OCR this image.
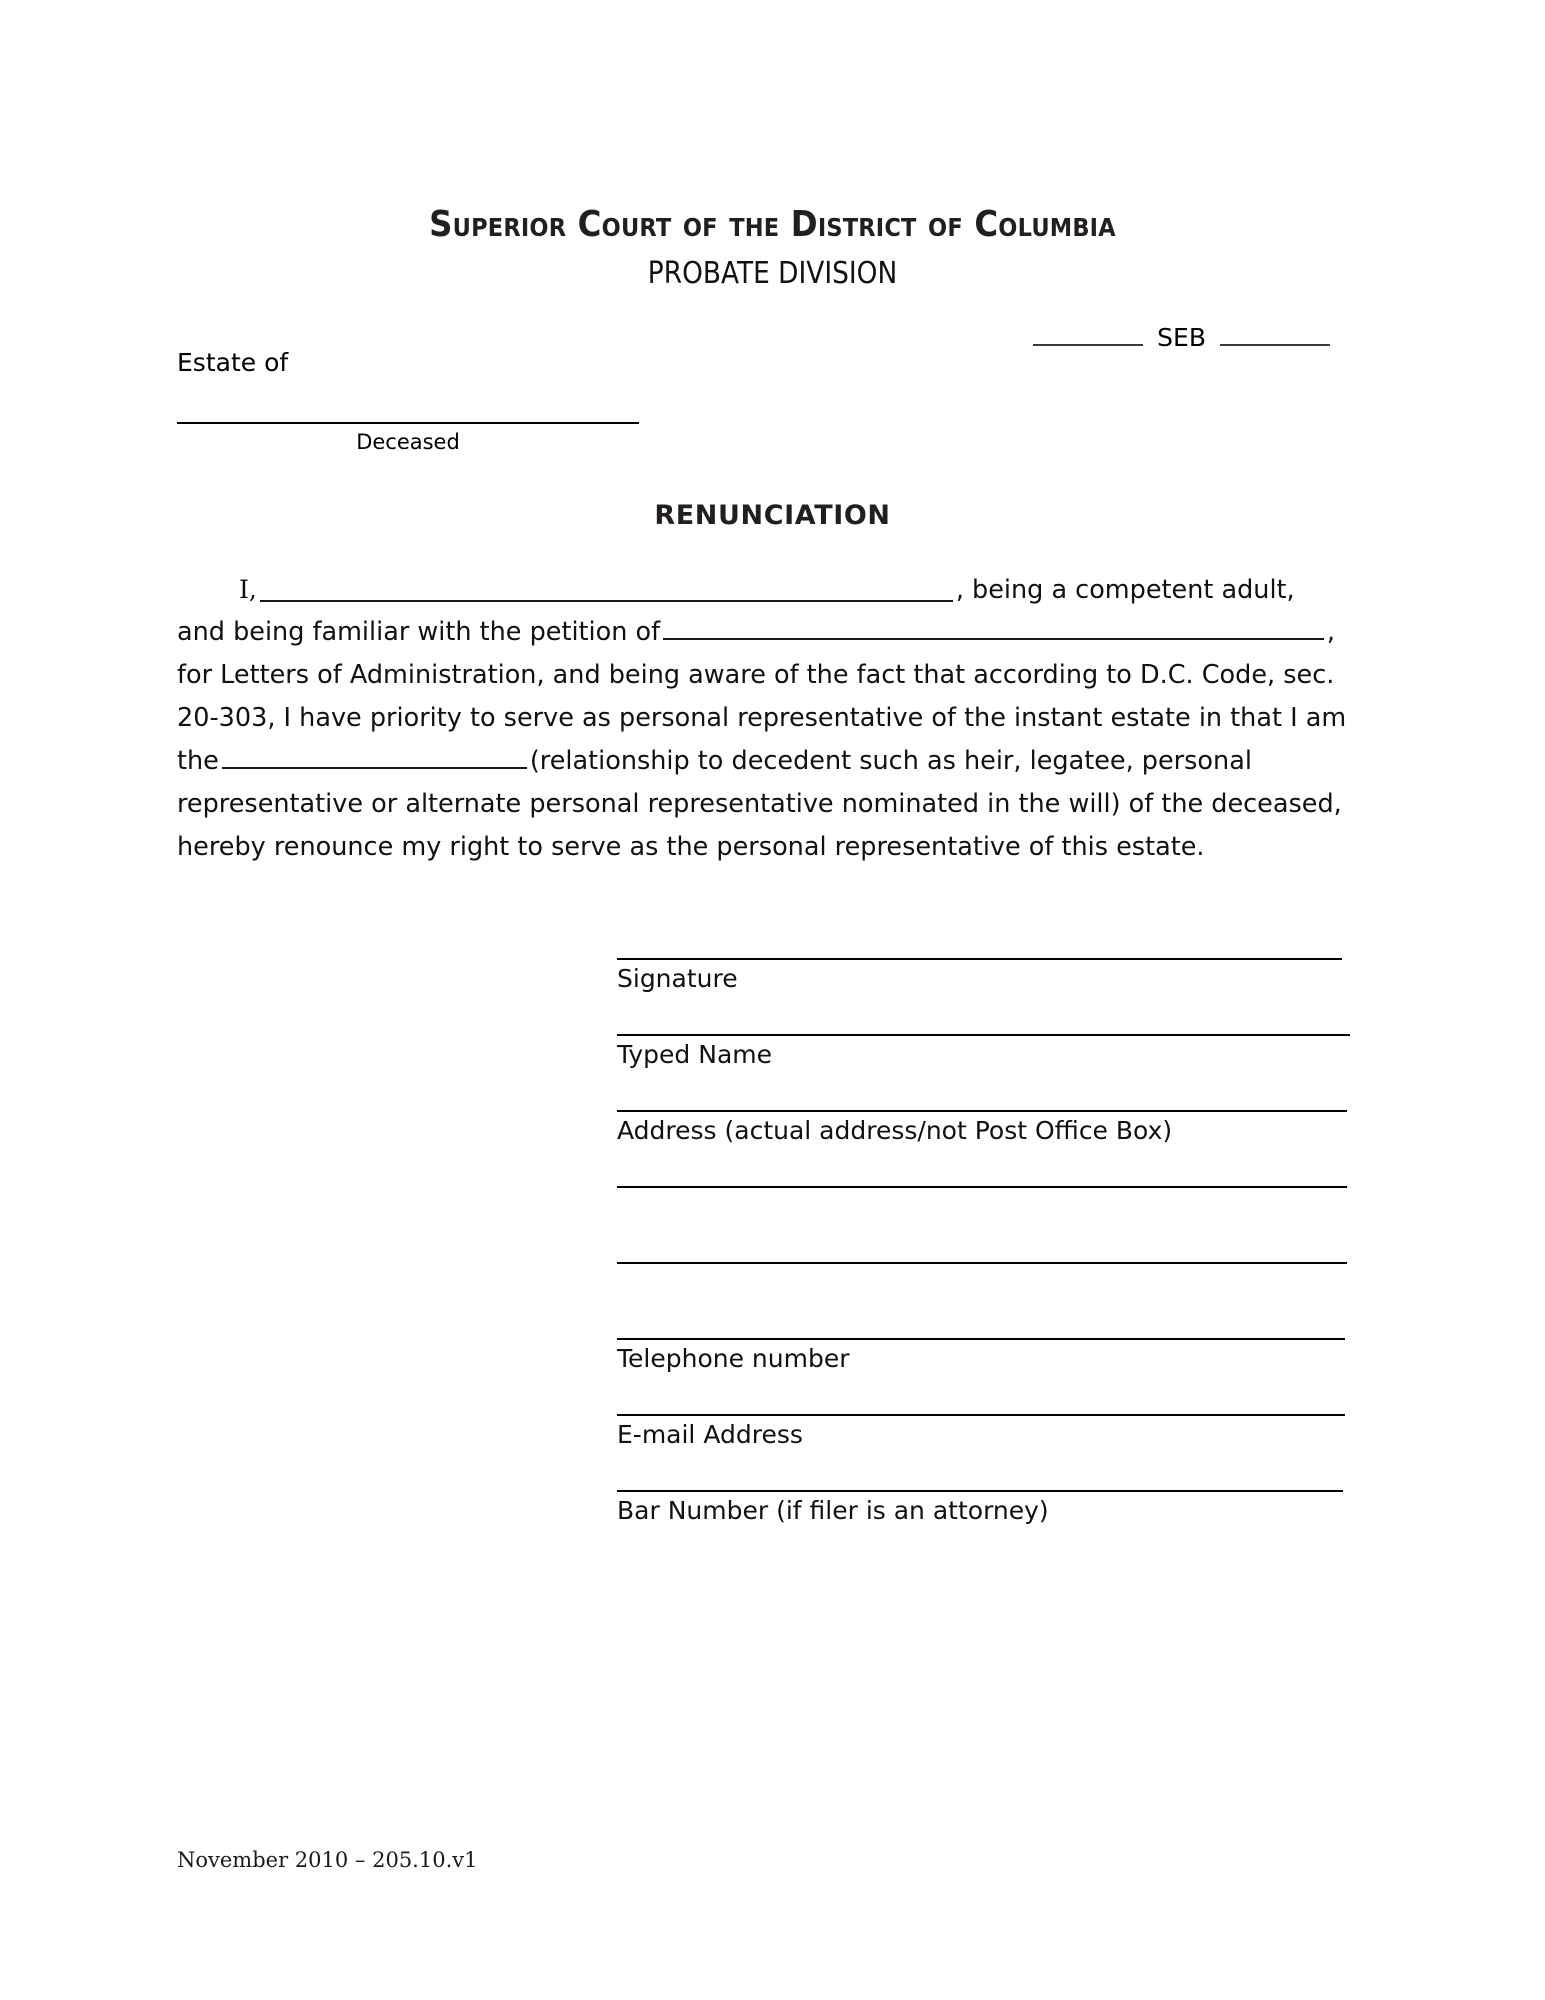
Superior Court of the District of Columbia
PROBATE DIVISION
SEB
Estate of
Deceased
RENUNCIATION
I,	, being a competent adult,
and being familiar with the petition of	,
for Letters of Administration, and being aware of the fact that according to D.C. Code, sec.
20-303, I have priority to serve as personal representative of the instant estate in that I am
the	(relationship to decedent such as heir, legatee, personal
representative or alternate personal representative nominated in the will) of the deceased,
hereby renounce my right to serve as the personal representative of this estate.
Signature
Typed Name
Address (actual address/not Post Office Box)

Telephone number
E-mail Address
Bar Number (if filer is an attorney)
November 2010 – 205.10.v1
